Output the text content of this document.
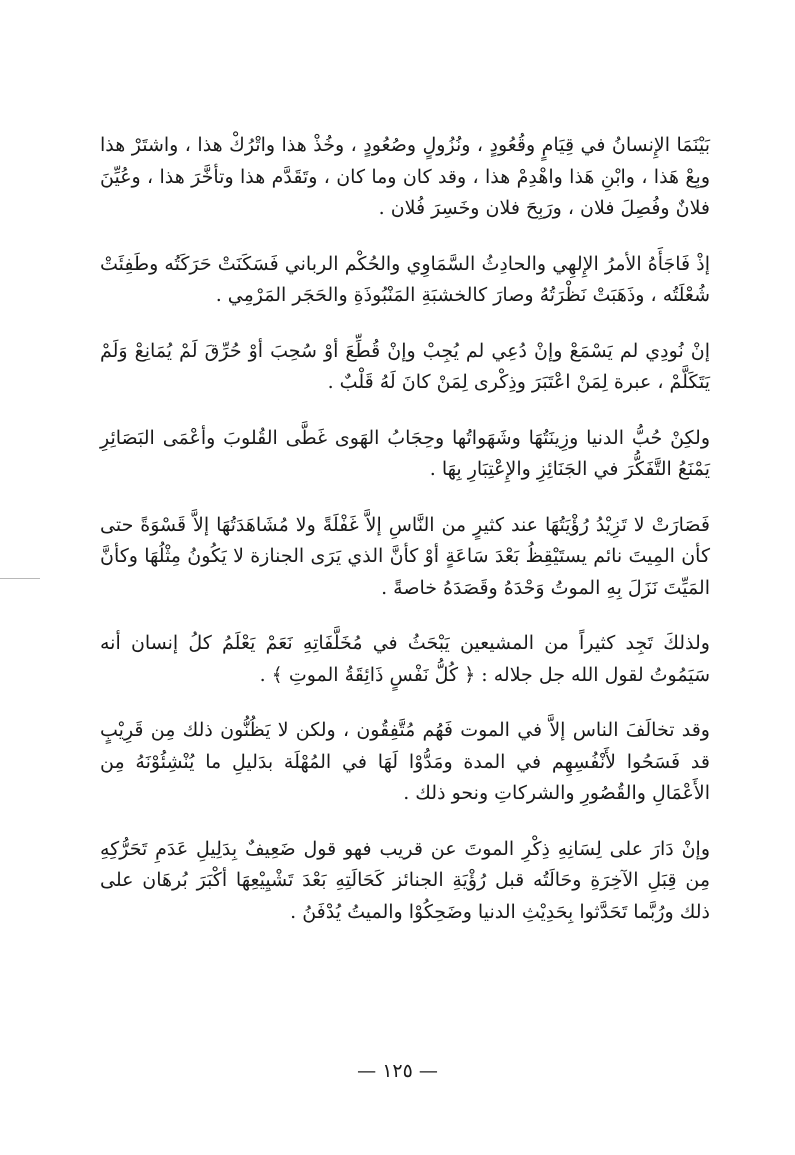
بَيْنَمَا الإِنسانُ في قِيَامٍ وقُعُودٍ ، ونُزُولٍ وصُعُودٍ ، وخُذْ هذا واتْرُكْ هذا ، واشتَرْ هذا وبِعْ هَذا ، وابْنِ هَذا واهْدِمْ هذا ، وقد كان وما كان ، وتَقَدَّم هذا وتأخَّرَ هذا ، وعُيِّنَ فلانٌ وفُصِلَ فلان ، ورَبِحَ فلان وخَسِرَ فُلان .

إذْ فَاجَأَهُ الأمرُ الإِلهِي والحادِثُ السَّمَاوِي والحُكْم الرباني فَسَكَنَتْ حَرَكَتُه وطَفِئَتْ شُعْلَتُه ، وذَهَبَتْ نَظْرَتُهُ وصارَ كالخشبَةِ المَنْبُوذَةِ والحَجَر المَرْمِي .

إنْ نُودِي لم يَسْمَعْ وإنْ دُعِي لم يُجِبْ وإنْ قُطِّعَ أوْ سُحِبَ أوْ حُرِّقَ لَمْ يُمَانِعْ وَلَمْ يَتَكَلَّمْ ، عبرة لِمَنْ اعْتَبَرَ وذِكْرى لِمَنْ كانَ لَهُ قَلْبٌ .

ولكِنْ حُبُّ الدنيا وزِينَتُهَا وشَهَواتُها وحِجَابُ الهَوى غَطَّى القُلوبَ وأعْمَى البَصَائِرِ يَمْنَعُ التَّفَكُّرَ في الجَنَائِزِ والإِعْتِبَارِ بِهَا .

فَصَارَتْ لا تَزِيْدُ رُؤْيَتُهَا عند كثيرٍ من النَّاسِ إلاَّ غَفْلَةً ولا مُشَاهَدَتُهَا إلاَّ قَسْوَةً حتى كأن المِيتَ نائم يستَيْقِظُ بَعْدَ سَاعَةٍ أوْ كأنَّ الذي يَرَى الجنازة لا يَكُونُ مِثْلُهَا وكأنَّ المَيِّتَ نَزَلَ بِهِ الموتُ وَحْدَهُ وقَصَدَهُ خاصةً .

ولذلكَ تَجِد كثيراً من المشيعين يَبْحَثُ في مُخَلَّفَاتِهِ نَعَمْ يَعْلَمُ كلُ إنسان أنه سَيَمُوتُ لقول الله جل جلاله : ﴿ كُلُّ نَفْسٍ ذَائِقَةُ الموتِ ﴾ .

وقد تخالَفَ الناس إلاَّ في الموت فَهُم مُتَّفِقُون ، ولكن لا يَظُنُّون ذلك مِن قَرِيْبٍ قد فَسَحُوا لأَنْفُسِهِم في المدة ومَدُّوْا لَهَا في المُهْلَة بدَليلِ ما يُنْشِئُوْنَهُ مِن الأَعْمَالِ والقُصُورِ والشركاتِ ونحو ذلك .

وإنْ دَارَ على لِسَانِهِ ذِكْرِ الموتَ عن قريب فهو قول ضَعِيفٌ بِدَلِيلِ عَدَمِ تَحَرُّكِهِ مِن قِبَلِ الآخِرَةِ وحَالَتُه قبل رُؤْيَةِ الجنائز كَحَالَتِهِ بَعْدَ تَشْيِيْعِهَا أكْبَرَ بُرهَان على ذلك ورُبَّما تَحَدَّثوا بِحَدِيْثِ الدنيا وضَحِكُوْا والميتُ يُدْفَنُ .

— ١٢٥ —
